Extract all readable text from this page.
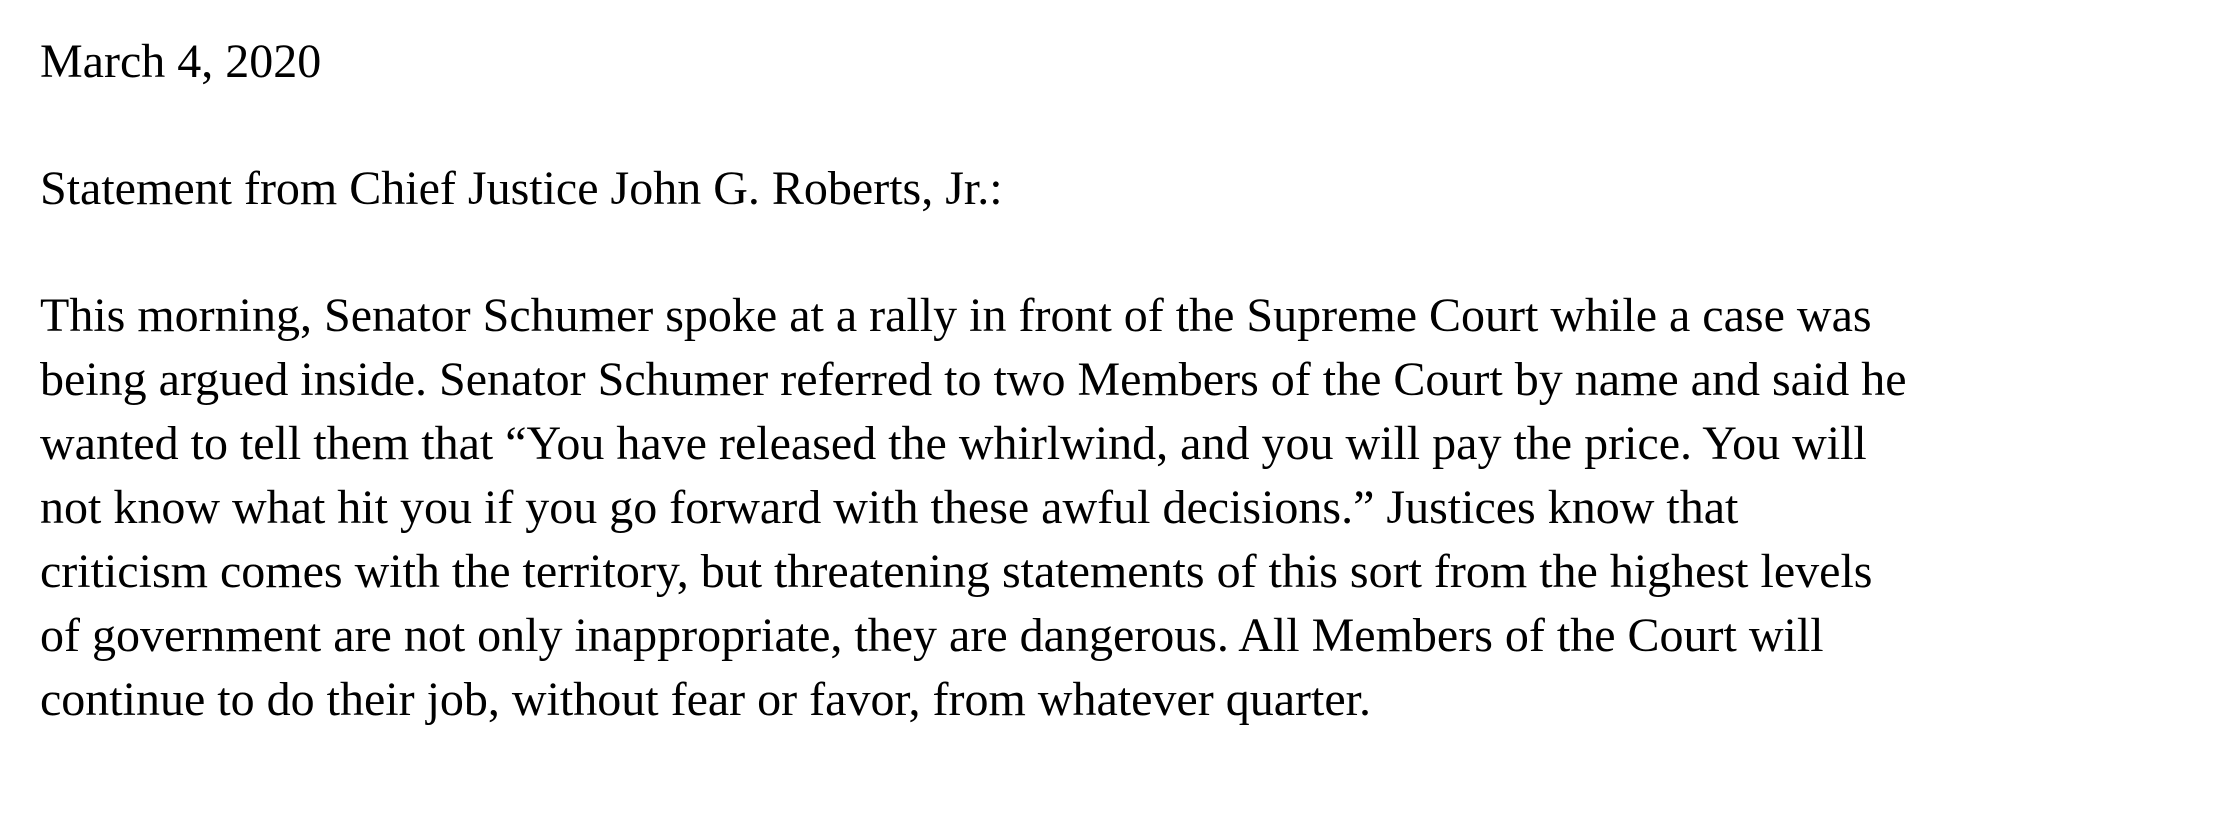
March 4, 2020
Statement from Chief Justice John G. Roberts, Jr.:
This morning, Senator Schumer spoke at a rally in front of the Supreme Court while a case was
being argued inside. Senator Schumer referred to two Members of the Court by name and said he
wanted to tell them that “You have released the whirlwind, and you will pay the price. You will
not know what hit you if you go forward with these awful decisions.” Justices know that
criticism comes with the territory, but threatening statements of this sort from the highest levels
of government are not only inappropriate, they are dangerous. All Members of the Court will
continue to do their job, without fear or favor, from whatever quarter.
